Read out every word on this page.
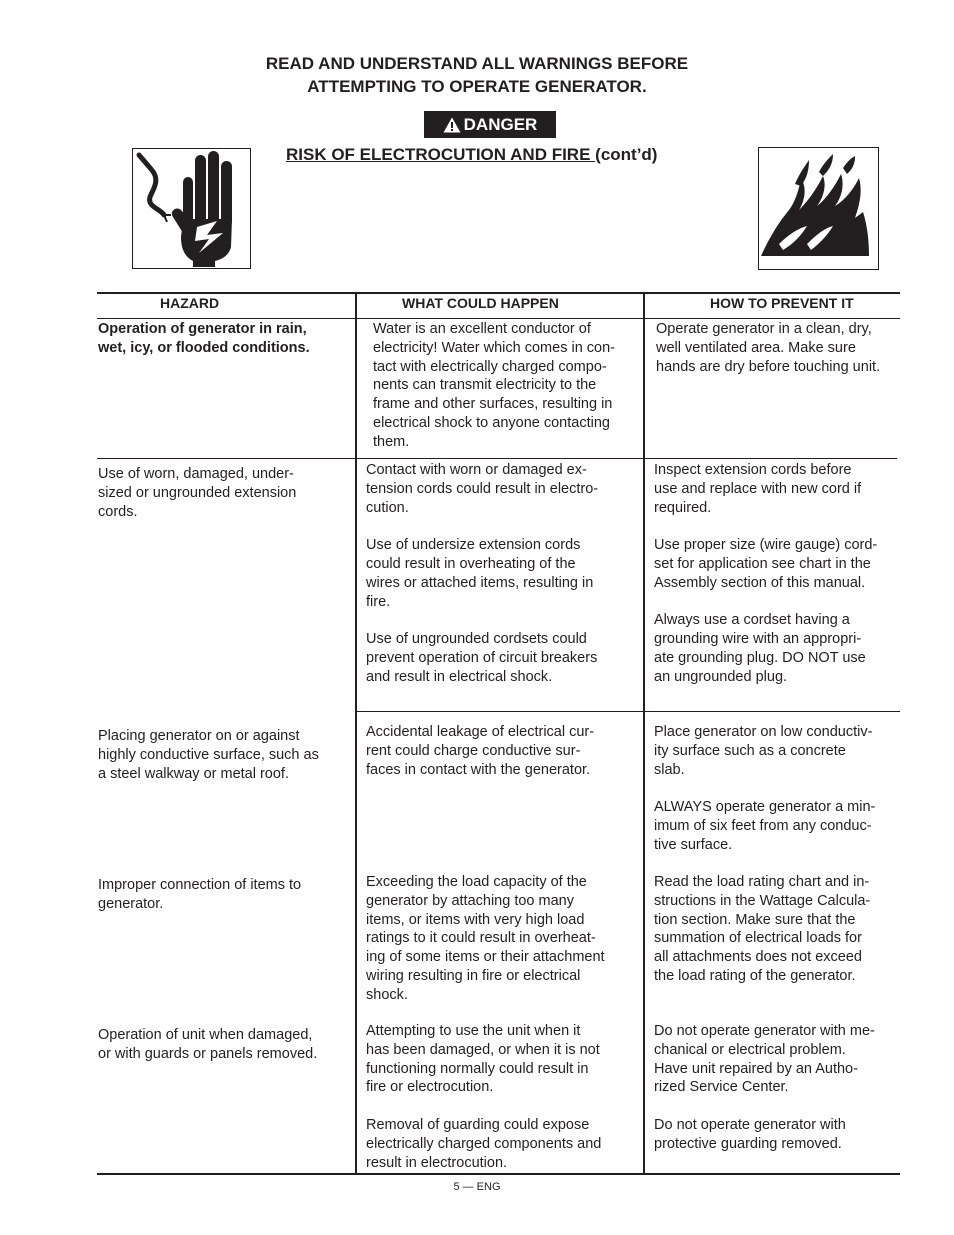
READ AND UNDERSTAND ALL WARNINGS BEFORE
ATTEMPTING TO OPERATE GENERATOR.
DANGER
RISK OF ELECTROCUTION AND FIRE (cont’d)
HAZARD	WHAT COULD HAPPEN	HOW TO PREVENT IT
Operation of generator in rain,
wet, icy, or flooded conditions.
Water is an excellent conductor of
electricity! Water which comes in con-
tact with electrically charged compo-
nents can transmit electricity to the
frame and other surfaces, resulting in
electrical shock to anyone contacting
them.
Operate generator in a clean, dry,
well ventilated area. Make sure
hands are dry before touching unit.
Use of worn, damaged, under-
sized or ungrounded extension
cords.
Contact with worn or damaged ex-
tension cords could result in electro-
cution.

Use of undersize extension cords
could result in overheating of the
wires or attached items, resulting in
fire.

Use of ungrounded cordsets could
prevent operation of circuit breakers
and result in electrical shock.
Inspect extension cords before
use and replace with new cord if
required.

Use proper size (wire gauge) cord-
set for application see chart in the
Assembly section of this manual.

Always use a cordset having a
grounding wire with an appropri-
ate grounding plug. DO NOT use
an ungrounded plug.
Placing generator on or against
highly conductive surface, such as
a steel walkway or metal roof.
Accidental leakage of electrical cur-
rent could charge conductive sur-
faces in contact with the generator.
Place generator on low conductiv-
ity surface such as a concrete
slab.

ALWAYS operate generator a min-
imum of six feet from any conduc-
tive surface.
Improper connection of items to
generator.
Exceeding the load capacity of the
generator by attaching too many
items, or items with very high load
ratings to it could result in overheat-
ing of some items or their attachment
wiring resulting in fire or electrical
shock.
Read the load rating chart and in-
structions in the Wattage Calcula-
tion section. Make sure that the
summation of electrical loads for
all attachments does not exceed
the load rating of the generator.
Operation of unit when damaged,
or with guards or panels removed.
Attempting to use the unit when it
has been damaged, or when it is not
functioning normally could result in
fire or electrocution.

Removal of guarding could expose
electrically charged components and
result in electrocution.
Do not operate generator with me-
chanical or electrical problem.
Have unit repaired by an Autho-
rized Service Center.

Do not operate generator with
protective guarding removed.
5 — ENG
